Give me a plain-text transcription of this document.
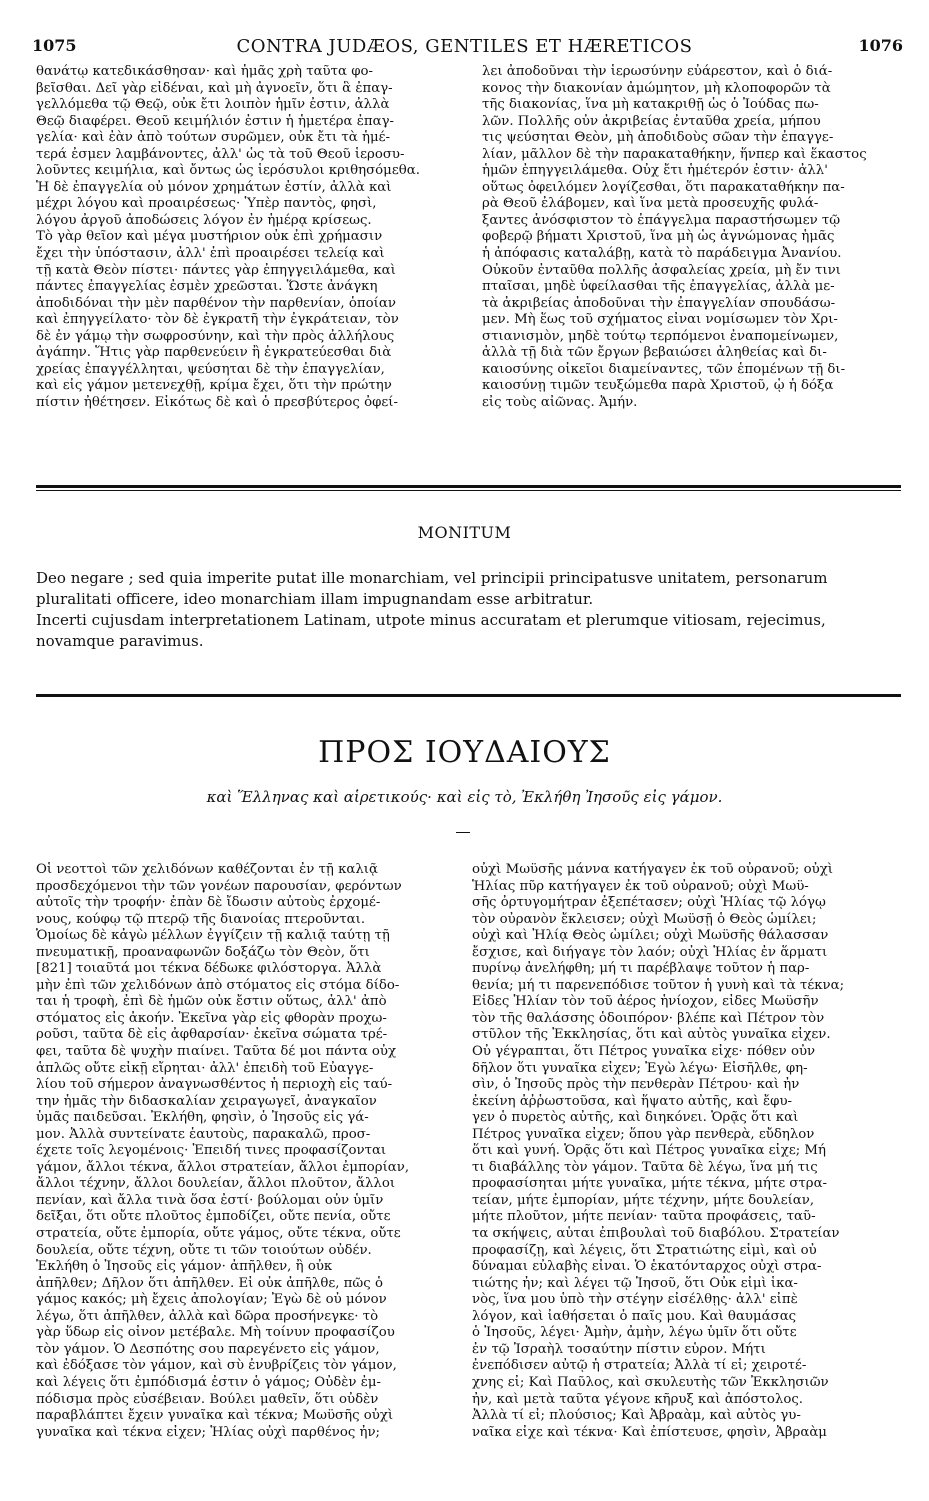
1075	CONTRA JUDÆOS, GENTILES ET HÆRETICOS	1076
θανάτῳ κατεδικάσθησαν· καὶ ἡμᾶς χρὴ ταῦτα φο-
βεῖσθαι. Δεῖ γὰρ εἰδέναι, καὶ μὴ ἀγνοεῖν, ὅτι ἃ ἐπαγ-
γελλόμεθα τῷ Θεῷ, οὐκ ἔτι λοιπὸν ἡμῖν ἐστιν, ἀλλὰ
Θεῷ διαφέρει. Θεοῦ κειμήλιόν ἐστιν ἡ ἡμετέρα ἐπαγ-
γελία· καὶ ἐὰν ἀπὸ τούτων συρῶμεν, οὐκ ἔτι τὰ ἡμέ-
τερά ἐσμεν λαμβάνοντες, ἀλλ' ὡς τὰ τοῦ Θεοῦ ἱεροσυ-
λοῦντες κειμήλια, καὶ ὄντως ὡς ἱερόσυλοι κριθησόμεθα.
Ἡ δὲ ἐπαγγελία οὐ μόνον χρημάτων ἐστίν, ἀλλὰ καὶ
μέχρι λόγου καὶ προαιρέσεως· Ὑπὲρ παντὸς, φησὶ,
λόγου ἀργοῦ ἀποδώσεις λόγον ἐν ἡμέρᾳ κρίσεως.
Τὸ γὰρ θεῖον καὶ μέγα μυστήριον οὐκ ἐπὶ χρήμασιν
ἔχει τὴν ὑπόστασιν, ἀλλ' ἐπὶ προαιρέσει τελείᾳ καὶ
τῇ κατὰ Θεὸν πίστει· πάντες γὰρ ἐπηγγειλάμεθα, καὶ
πάντες ἐπαγγελίας ἐσμὲν χρεῶσται. Ὥστε ἀνάγκη
ἀποδιδόναι τὴν μὲν παρθένον τὴν παρθενίαν, ὁποίαν
καὶ ἐπηγγείλατο· τὸν δὲ ἐγκρατῆ τὴν ἐγκράτειαν, τὸν
δὲ ἐν γάμῳ τὴν σωφροσύνην, καὶ τὴν πρὸς ἀλλήλους
ἀγάπην. Ἥτις γὰρ παρθενεύειν ἢ ἐγκρατεύεσθαι διὰ
χρείας ἐπαγγέλληται, ψεύσηται δὲ τὴν ἐπαγγελίαν,
καὶ εἰς γάμον μετενεχθῇ, κρίμα ἔχει, ὅτι τὴν πρώτην
πίστιν ἠθέτησεν. Εἰκότως δὲ καὶ ὁ πρεσβύτερος ὀφεί-
λει ἀποδοῦναι τὴν ἱερωσύνην εὐάρεστον, καὶ ὁ διά-
κονος τὴν διακονίαν ἀμώμητον, μὴ κλοποφορῶν τὰ
τῆς διακονίας, ἵνα μὴ κατακριθῇ ὡς ὁ Ἰούδας πω-
λῶν. Πολλῆς οὖν ἀκριβείας ἐνταῦθα χρεία, μήπου
τις ψεύσηται Θεὸν, μὴ ἀποδιδοὺς σῶαν τὴν ἐπαγγε-
λίαν, μᾶλλον δὲ τὴν παρακαταθήκην, ἥνπερ καὶ ἕκαστος
ἡμῶν ἐπηγγειλάμεθα. Οὐχ ἔτι ἡμέτερόν ἐστιν· ἀλλ'
οὕτως ὀφειλόμεν λογίζεσθαι, ὅτι παρακαταθήκην πα-
ρὰ Θεοῦ ἐλάβομεν, καὶ ἵνα μετὰ προσευχῆς φυλά-
ξαντες ἀνόσφιστον τὸ ἐπάγγελμα παραστήσωμεν τῷ
φοβερῷ βήματι Χριστοῦ, ἵνα μὴ ὡς ἀγνώμονας ἡμᾶς
ἡ ἀπόφασις καταλάβῃ, κατὰ τὸ παράδειγμα Ἀνανίου.
Οὐκοῦν ἐνταῦθα πολλῆς ἀσφαλείας χρεία, μὴ ἔν τινι
πταῖσαι, μηδὲ ὑφείλασθαι τῆς ἐπαγγελίας, ἀλλὰ με-
τὰ ἀκριβείας ἀποδοῦναι τὴν ἐπαγγελίαν σπουδάσω-
μεν. Μὴ ἕως τοῦ σχήματος εἶναι νομίσωμεν τὸν Χρι-
στιανισμὸν, μηδὲ τούτῳ τερπόμενοι ἐναπομείνωμεν,
ἀλλὰ τῇ διὰ τῶν ἔργων βεβαιώσει ἀληθείας καὶ δι-
καιοσύνης οἰκεῖοι διαμείναντες, τῶν ἑπομένων τῇ δι-
καιοσύνῃ τιμῶν τευξώμεθα παρὰ Χριστοῦ, ᾧ ἡ δόξα
εἰς τοὺς αἰῶνας. Ἀμήν.
MONITUM

Deo negare ; sed quia imperite putat ille monarchiam, vel principii principatusve unitatem, personarum pluralitati officere, ideo monarchiam illam impugnandam esse arbitratur.

Incerti cujusdam interpretationem Latinam, utpote minus accuratam et plerumque vitiosam, rejecimus, novamque paravimus.

ΠΡΟΣ ΙΟΥΔΑΙΟΥΣ
καὶ Ἕλληνας καὶ αἱρετικούς· καὶ εἰς τὸ, Ἐκλήθη Ἰησοῦς εἰς γάμον.
Οἱ νεοττοὶ τῶν χελιδόνων καθέζονται ἐν τῇ καλιᾷ
προσδεχόμενοι τὴν τῶν γονέων παρουσίαν, φερόντων
αὐτοῖς τὴν τροφήν· ἐπὰν δὲ ἴδωσιν αὐτοὺς ἐρχομέ-
νους, κούφῳ τῷ πτερῷ τῆς διανοίας πτεροῦνται.
Ὁμοίως δὲ κἀγὼ μέλλων ἐγγίζειν τῇ καλιᾷ ταύτῃ τῇ
πνευματικῇ, προαναφωνῶν δοξάζω τὸν Θεὸν, ὅτι
[821] τοιαῦτά μοι τέκνα δέδωκε φιλόστοργα. Ἀλλὰ
μὴν ἐπὶ τῶν χελιδόνων ἀπὸ στόματος εἰς στόμα δίδο-
ται ἡ τροφὴ, ἐπὶ δὲ ἡμῶν οὐκ ἔστιν οὕτως, ἀλλ' ἀπὸ
στόματος εἰς ἀκοήν. Ἐκεῖνα γὰρ εἰς φθορὰν προχω-
ροῦσι, ταῦτα δὲ εἰς ἀφθαρσίαν· ἐκεῖνα σώματα τρέ-
φει, ταῦτα δὲ ψυχὴν πιαίνει. Ταῦτα δέ μοι πάντα οὐχ
ἁπλῶς οὔτε εἰκῇ εἴρηται· ἀλλ' ἐπειδὴ τοῦ Εὐαγγε-
λίου τοῦ σήμερον ἀναγνωσθέντος ἡ περιοχὴ εἰς ταύ-
την ἡμᾶς τὴν διδασκαλίαν χειραγωγεῖ, ἀναγκαῖον
ὑμᾶς παιδεῦσαι. Ἐκλήθη, φησὶν, ὁ Ἰησοῦς εἰς γά-
μον. Ἀλλὰ συντείνατε ἑαυτοὺς, παρακαλῶ, προσ-
έχετε τοῖς λεγομένοις· Ἐπειδή τινες προφασίζονται
γάμον, ἄλλοι τέκνα, ἄλλοι στρατείαν, ἄλλοι ἐμπορίαν,
ἄλλοι τέχνην, ἄλλοι δουλείαν, ἄλλοι πλοῦτον, ἄλλοι
πενίαν, καὶ ἄλλα τινὰ ὅσα ἐστί· βούλομαι οὖν ὑμῖν
δεῖξαι, ὅτι οὔτε πλοῦτος ἐμποδίζει, οὔτε πενία, οὔτε
στρατεία, οὔτε ἐμπορία, οὔτε γάμος, οὔτε τέκνα, οὔτε
δουλεία, οὔτε τέχνη, οὔτε τι τῶν τοιούτων οὐδέν.
Ἐκλήθη ὁ Ἰησοῦς εἰς γάμον· ἀπῆλθεν, ἢ οὐκ
ἀπῆλθεν; Δῆλον ὅτι ἀπῆλθεν. Εἰ οὐκ ἀπῆλθε, πῶς ὁ
γάμος κακός; μὴ ἔχεις ἀπολογίαν; Ἐγὼ δὲ οὐ μόνον
λέγω, ὅτι ἀπῆλθεν, ἀλλὰ καὶ δῶρα προσήνεγκε· τὸ
γὰρ ὕδωρ εἰς οἶνον μετέβαλε. Μὴ τοίνυν προφασίζου
τὸν γάμον. Ὁ Δεσπότης σου παρεγένετο εἰς γάμον,
καὶ ἐδόξασε τὸν γάμον, καὶ σὺ ἐνυβρίζεις τὸν γάμον,
καὶ λέγεις ὅτι ἐμπόδισμά ἐστιν ὁ γάμος; Οὐδὲν ἐμ-
πόδισμα πρὸς εὐσέβειαν. Βούλει μαθεῖν, ὅτι οὐδὲν
παραβλάπτει ἔχειν γυναῖκα καὶ τέκνα; Μωϋσῆς οὐχὶ
γυναῖκα καὶ τέκνα εἶχεν; Ἡλίας οὐχὶ παρθένος ἦν;
οὐχὶ Μωϋσῆς μάννα κατήγαγεν ἐκ τοῦ οὐρανοῦ; οὐχὶ
Ἡλίας πῦρ κατήγαγεν ἐκ τοῦ οὐρανοῦ; οὐχὶ Μωϋ-
σῆς ὀρτυγομήτραν ἐξεπέτασεν; οὐχὶ Ἡλίας τῷ λόγῳ
τὸν οὐρανὸν ἔκλεισεν; οὐχὶ Μωϋσῇ ὁ Θεὸς ὡμίλει;
οὐχὶ καὶ Ἠλίᾳ Θεὸς ὡμίλει; οὐχὶ Μωϋσῆς θάλασσαν
ἔσχισε, καὶ διήγαγε τὸν λαόν; οὐχὶ Ἡλίας ἐν ἅρματι
πυρίνῳ ἀνελήφθη; μή τι παρέβλαψε τοῦτον ἡ παρ-
θενία; μή τι παρενεπόδισε τοῦτον ἡ γυνὴ καὶ τὰ τέκνα;
Εἶδες Ἡλίαν τὸν τοῦ ἀέρος ἡνίοχον, εἶδες Μωϋσῆν
τὸν τῆς θαλάσσης ὁδοιπόρον· βλέπε καὶ Πέτρον τὸν
στῦλον τῆς Ἐκκλησίας, ὅτι καὶ αὐτὸς γυναῖκα εἶχεν.
Οὐ γέγραπται, ὅτι Πέτρος γυναῖκα εἶχε· πόθεν οὖν
δῆλον ὅτι γυναῖκα εἶχεν; Ἐγὼ λέγω· Εἰσῆλθε, φη-
σὶν, ὁ Ἰησοῦς πρὸς τὴν πενθερὰν Πέτρου· καὶ ἦν
ἐκείνη ἀῤῥωστοῦσα, καὶ ἥψατο αὐτῆς, καὶ ἔφυ-
γεν ὁ πυρετὸς αὐτῆς, καὶ διηκόνει. Ὁρᾷς ὅτι καὶ
Πέτρος γυναῖκα εἶχεν; ὅπου γὰρ πενθερὰ, εὔδηλον
ὅτι καὶ γυνή. Ὁρᾷς ὅτι καὶ Πέτρος γυναῖκα εἶχε; Μή
τι διαβάλλης τὸν γάμον. Ταῦτα δὲ λέγω, ἵνα μή τις
προφασίσηται μήτε γυναῖκα, μήτε τέκνα, μήτε στρα-
τείαν, μήτε ἐμπορίαν, μήτε τέχνην, μήτε δουλείαν,
μήτε πλοῦτον, μήτε πενίαν· ταῦτα προφάσεις, ταῦ-
τα σκήψεις, αὗται ἐπιβουλαὶ τοῦ διαβόλου. Στρατείαν
προφασίζῃ, καὶ λέγεις, ὅτι Στρατιώτης εἰμὶ, καὶ οὐ
δύναμαι εὐλαβὴς εἶναι. Ὁ ἑκατόνταρχος οὐχὶ στρα-
τιώτης ἦν; καὶ λέγει τῷ Ἰησοῦ, ὅτι Οὐκ εἰμὶ ἱκα-
νὸς, ἵνα μου ὑπὸ τὴν στέγην εἰσέλθῃς· ἀλλ' εἰπὲ
λόγον, καὶ ἰαθήσεται ὁ παῖς μου. Καὶ θαυμάσας
ὁ Ἰησοῦς, λέγει· Ἀμὴν, ἀμὴν, λέγω ὑμῖν ὅτι οὔτε
ἐν τῷ Ἰσραὴλ τοσαύτην πίστιν εὗρον. Μήτι
ἐνεπόδισεν αὐτῷ ἡ στρατεία; Ἀλλὰ τί εἶ; χειροτέ-
χνης εἶ; Καὶ Παῦλος, καὶ σκυλευτὴς τῶν Ἐκκλησιῶν
ἦν, καὶ μετὰ ταῦτα γέγονε κῆρυξ καὶ ἀπόστολος.
Ἀλλὰ τί εἶ; πλούσιος; Καὶ Ἀβραὰμ, καὶ αὐτὸς γυ-
ναῖκα εἶχε καὶ τέκνα· Καὶ ἐπίστευσε, φησὶν, Ἀβραὰμ
